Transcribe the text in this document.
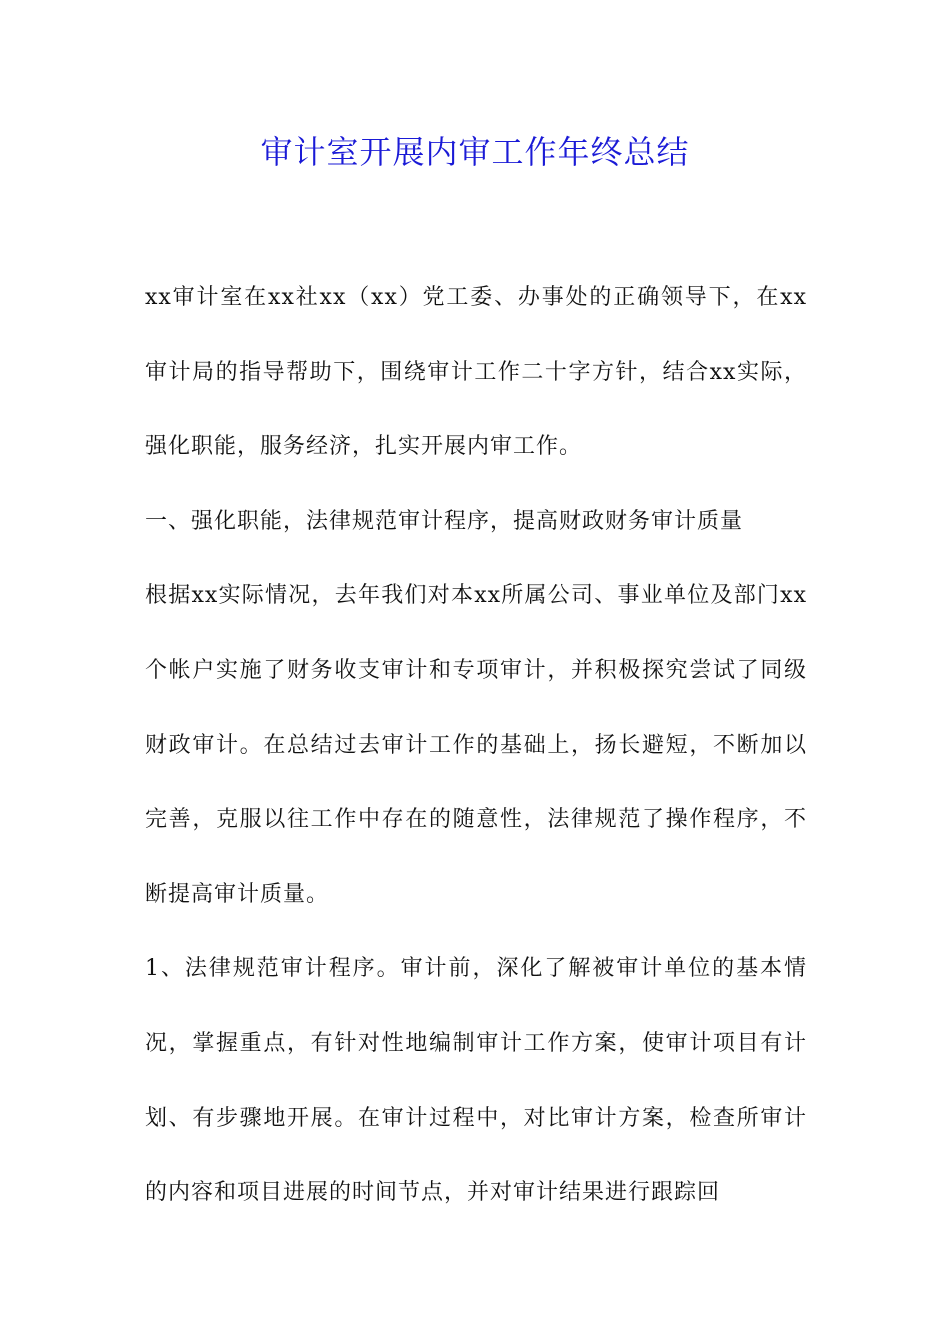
审计室开展内审工作年终总结

xx审计室在xx社xx（xx）党工委、办事处的正确领导下，在xx审计局的指导帮助下，围绕审计工作二十字方针，结合xx实际，强化职能，服务经济，扎实开展内审工作。

一、强化职能，法律规范审计程序，提高财政财务审计质量

根据xx实际情况，去年我们对本xx所属公司、事业单位及部门xx个帐户实施了财务收支审计和专项审计，并积极探究尝试了同级财政审计。在总结过去审计工作的基础上，扬长避短，不断加以完善，克服以往工作中存在的随意性，法律规范了操作程序，不断提高审计质量。

1、法律规范审计程序。审计前，深化了解被审计单位的基本情况，掌握重点，有针对性地编制审计工作方案，使审计项目有计划、有步骤地开展。在审计过程中，对比审计方案，检查所审计的内容和项目进展的时间节点，并对审计结果进行跟踪回
